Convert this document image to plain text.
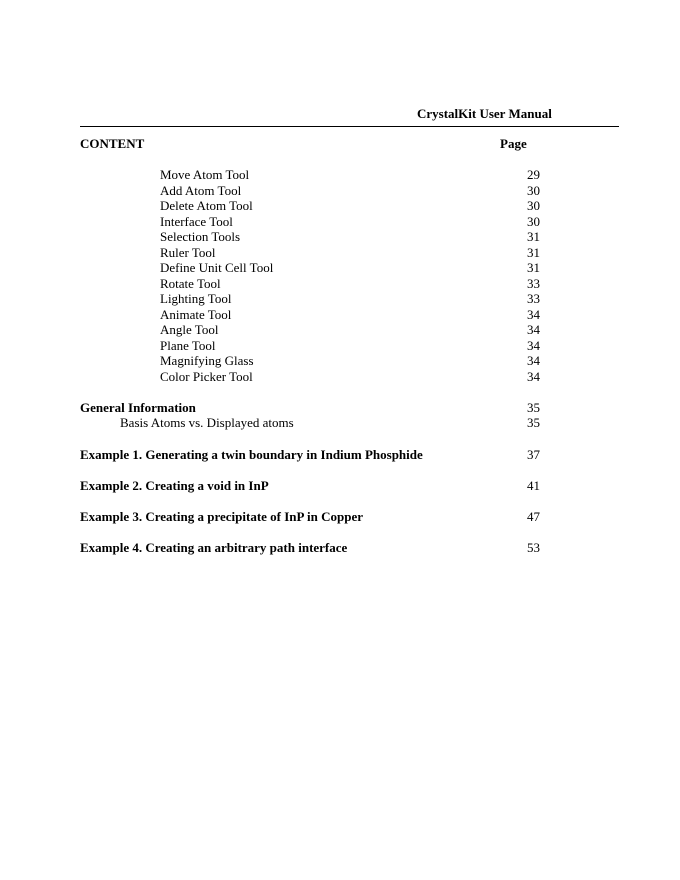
CrystalKit User Manual
CONTENT	Page
Move Atom Tool	29
Add Atom Tool	30
Delete Atom Tool	30
Interface Tool	30
Selection Tools	31
Ruler Tool	31
Define Unit Cell Tool	31
Rotate Tool	33
Lighting Tool	33
Animate Tool	34
Angle Tool	34
Plane Tool	34
Magnifying Glass	34
Color Picker Tool	34
General Information	35
Basis Atoms vs. Displayed atoms	35
Example 1. Generating a twin boundary in Indium Phosphide	37
Example 2. Creating a void in InP	41
Example 3. Creating a precipitate of InP in Copper	47
Example 4. Creating an arbitrary path interface	53
